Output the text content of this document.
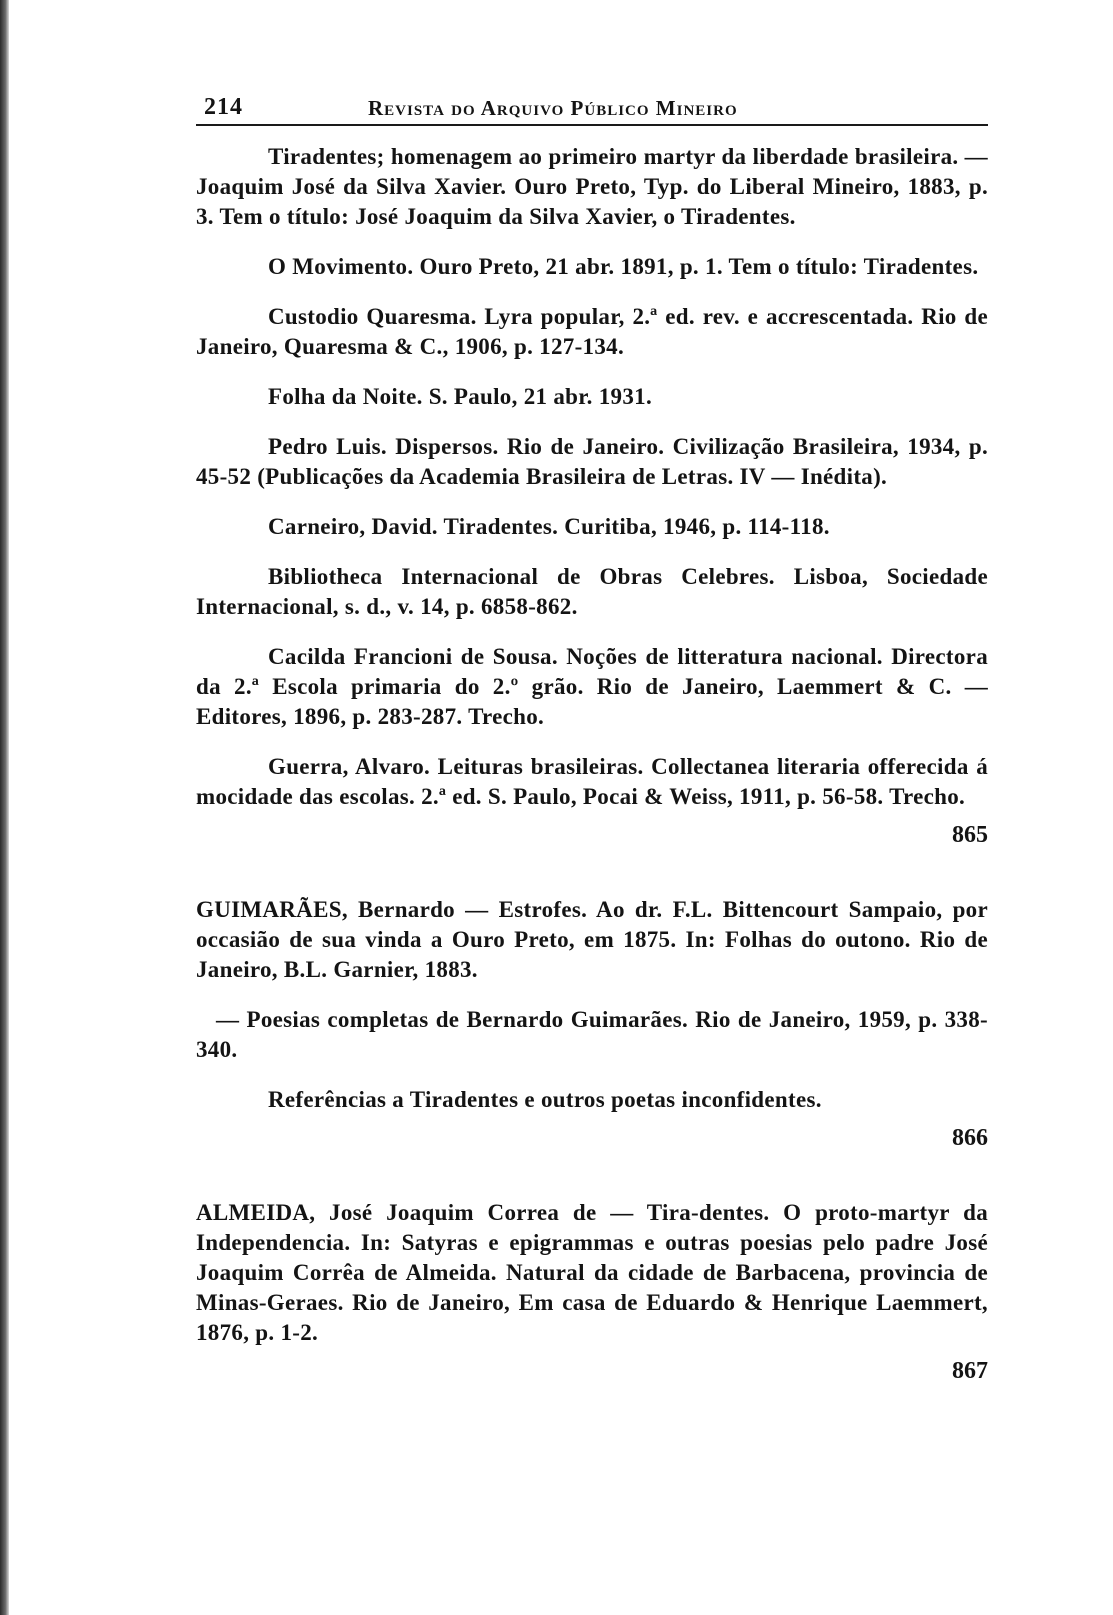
214	Revista do Arquivo Público Mineiro

Tiradentes; homenagem ao primeiro martyr da liberdade brasileira. — Joaquim José da Silva Xavier. Ouro Preto, Typ. do Liberal Mineiro, 1883, p. 3. Tem o título: José Joaquim da Silva Xavier, o Tiradentes.

O Movimento. Ouro Preto, 21 abr. 1891, p. 1. Tem o título: Tiradentes.

Custodio Quaresma. Lyra popular, 2.ª ed. rev. e accrescentada. Rio de Janeiro, Quaresma & C., 1906, p. 127-134.

Folha da Noite. S. Paulo, 21 abr. 1931.

Pedro Luis. Dispersos. Rio de Janeiro. Civilização Brasileira, 1934, p. 45-52 (Publicações da Academia Brasileira de Letras. IV — Inédita).

Carneiro, David. Tiradentes. Curitiba, 1946, p. 114-118.

Bibliotheca Internacional de Obras Celebres. Lisboa, Sociedade Internacional, s. d., v. 14, p. 6858-862.

Cacilda Francioni de Sousa. Noções de litteratura nacional. Directora da 2.ª Escola primaria do 2.º grão. Rio de Janeiro, Laemmert & C. — Editores, 1896, p. 283-287. Trecho.

Guerra, Alvaro. Leituras brasileiras. Collectanea literaria offerecida á mocidade das escolas. 2.ª ed. S. Paulo, Pocai & Weiss, 1911, p. 56-58. Trecho.

865

GUIMARÃES, Bernardo — Estrofes. Ao dr. F.L. Bittencourt Sampaio, por occasião de sua vinda a Ouro Preto, em 1875. In: Folhas do outono. Rio de Janeiro, B.L. Garnier, 1883.

— Poesias completas de Bernardo Guimarães. Rio de Janeiro, 1959, p. 338-340.

Referências a Tiradentes e outros poetas inconfidentes.

866

ALMEIDA, José Joaquim Correa de — Tira-dentes. O proto-martyr da Independencia. In: Satyras e epigrammas e outras poesias pelo padre José Joaquim Corrêa de Almeida. Natural da cidade de Barbacena, provincia de Minas-Geraes. Rio de Janeiro, Em casa de Eduardo & Henrique Laemmert, 1876, p. 1-2.

867
